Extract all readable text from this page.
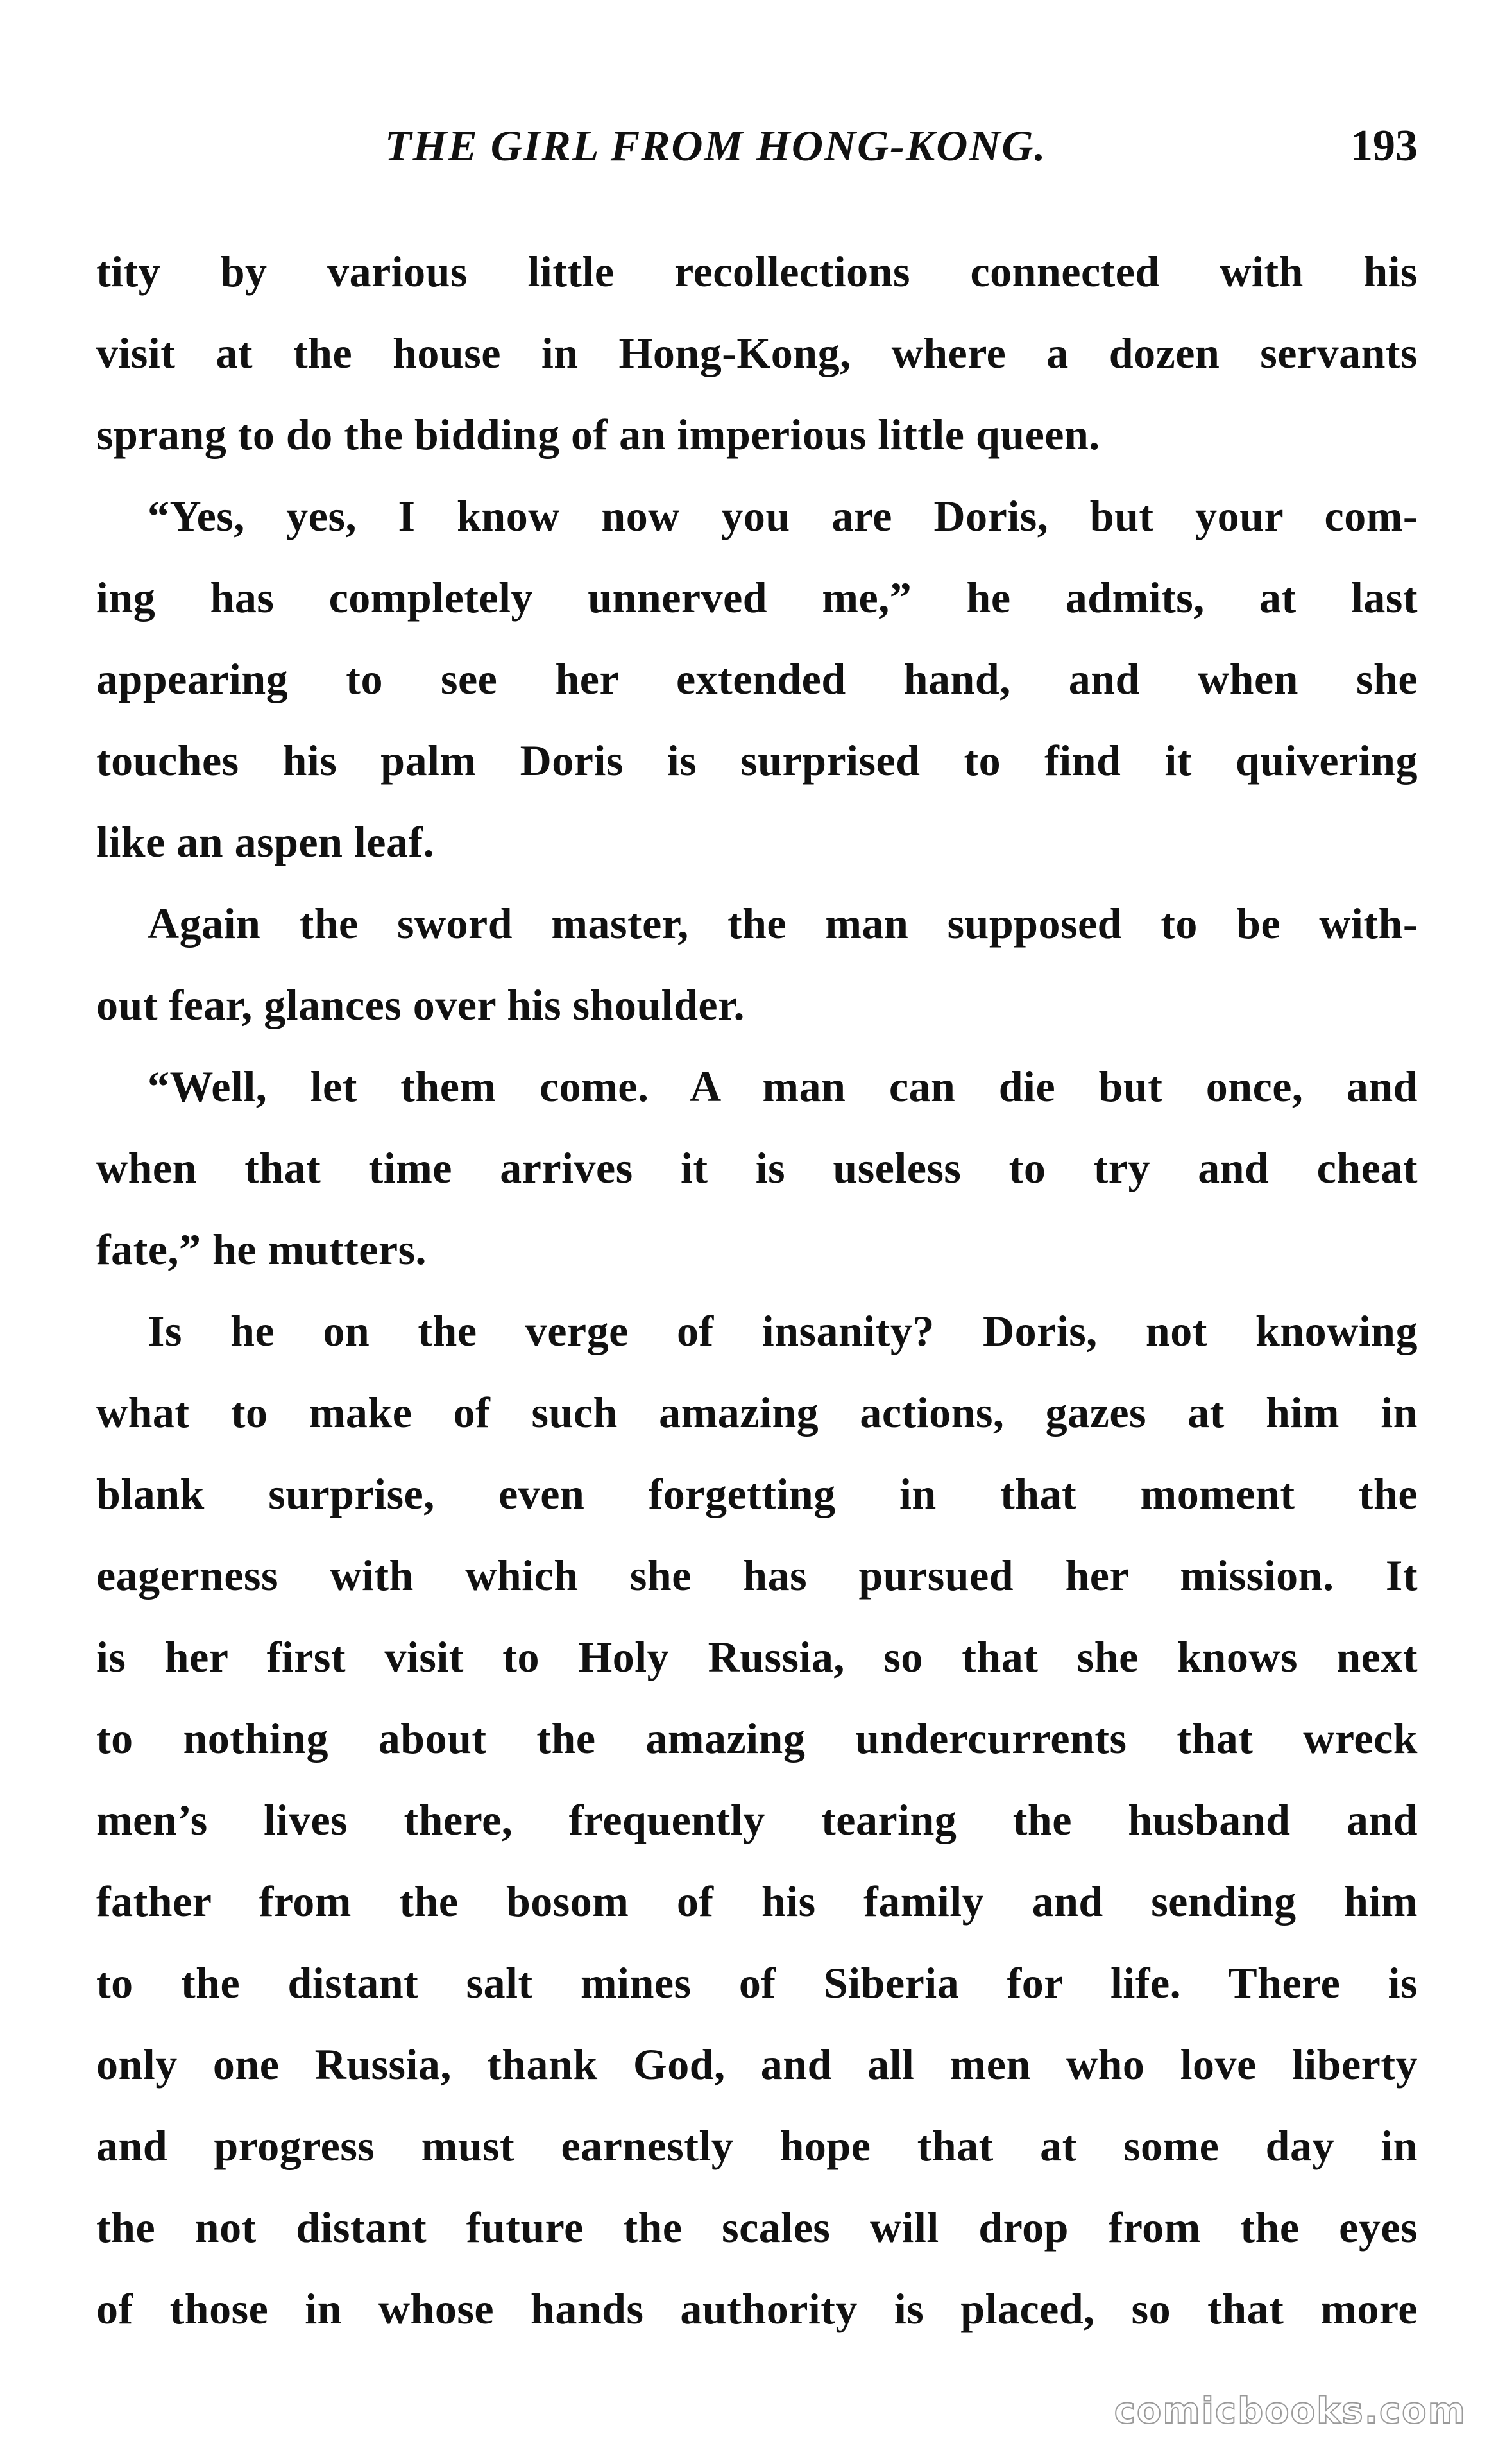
THE GIRL FROM HONG-KONG.	193
tity by various little recollections connected with his
visit at the house in Hong-Kong, where a dozen servants
sprang to do the bidding of an imperious little queen.
“Yes, yes, I know now you are Doris, but your com-
ing has completely unnerved me,” he admits, at last
appearing to see her extended hand, and when she
touches his palm Doris is surprised to find it quivering
like an aspen leaf.
Again the sword master, the man supposed to be with-
out fear, glances over his shoulder.
“Well, let them come. A man can die but once, and
when that time arrives it is useless to try and cheat
fate,” he mutters.
Is he on the verge of insanity? Doris, not knowing
what to make of such amazing actions, gazes at him in
blank surprise, even forgetting in that moment the
eagerness with which she has pursued her mission. It
is her first visit to Holy Russia, so that she knows next
to nothing about the amazing undercurrents that wreck
men’s lives there, frequently tearing the husband and
father from the bosom of his family and sending him
to the distant salt mines of Siberia for life. There is
only one Russia, thank God, and all men who love liberty
and progress must earnestly hope that at some day in
the not distant future the scales will drop from the eyes
of those in whose hands authority is placed, so that more
comicbooks.com
